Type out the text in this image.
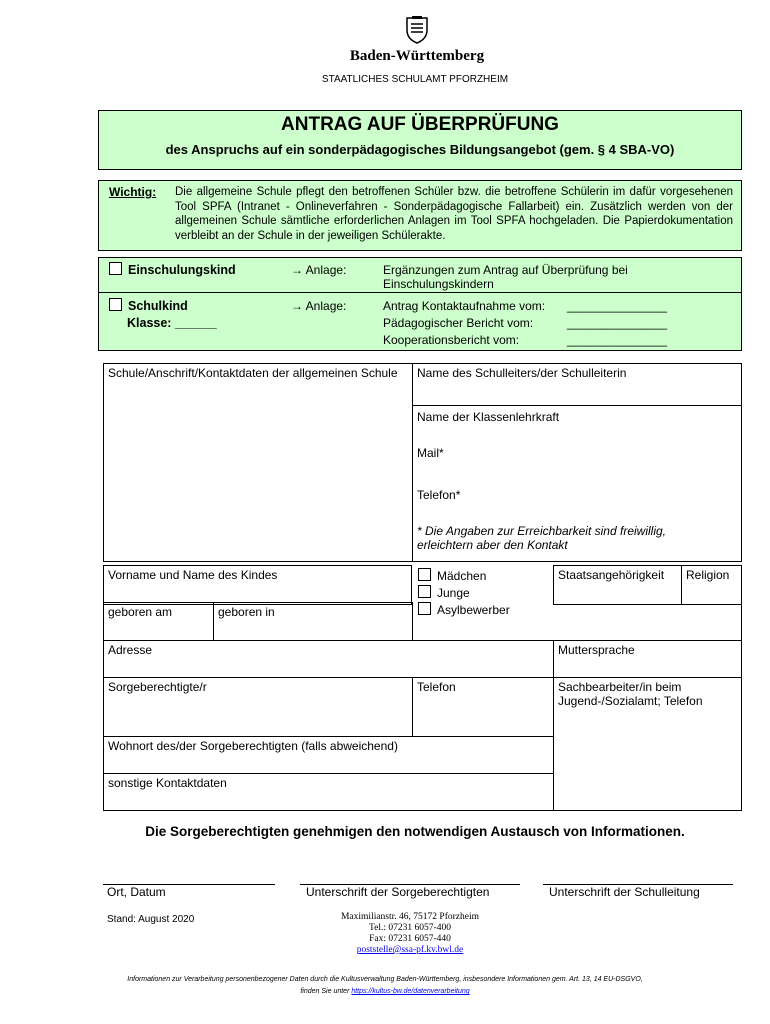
Baden-Württemberg
STAATLICHES SCHULAMT PFORZHEIM
ANTRAG AUF ÜBERPRÜFUNG
des Anspruchs auf ein sonderpädagogisches Bildungsangebot (gem. § 4 SBA-VO)
Wichtig: Die allgemeine Schule pflegt den betroffenen Schüler bzw. die betroffene Schülerin im dafür vorgesehenen Tool SPFA (Intranet - Onlineverfahren - Sonderpädagogische Fallarbeit) ein. Zusätzlich werden von der allgemeinen Schule sämtliche erforderlichen Anlagen im Tool SPFA hochgeladen. Die Papierdokumentation verbleibt an der Schule in der jeweiligen Schülerakte.
Einschulungskind	→ Anlage:	Ergänzungen zum Antrag auf Überprüfung bei Einschulungskindern
Schulkind
Klasse: ______
→ Anlage:	Antrag Kontaktaufnahme vom: _______________
Pädagogischer Bericht vom:	_______________
Kooperationsbericht vom:	_______________
Schule/Anschrift/Kontaktdaten der allgemeinen Schule	Name des Schulleiters/der Schulleiterin
Name der Klassenlehrkraft
Mail*
Telefon*
* Die Angaben zur Erreichbarkeit sind freiwillig, erleichtern aber den Kontakt
Vorname und Name des Kindes	Mädchen
Junge
Asylbewerber
Staatsangehörigkeit	Religion
geboren am	geboren in
Adresse	Muttersprache
Sorgeberechtigte/r	Telefon	Sachbearbeiter/in beim Jugend-/Sozialamt; Telefon
Wohnort des/der Sorgeberechtigten (falls abweichend)
sonstige Kontaktdaten
Die Sorgeberechtigten genehmigen den notwendigen Austausch von Informationen.
Ort, Datum	Unterschrift der Sorgeberechtigten	Unterschrift der Schulleitung
Stand: August 2020	Maximilianstr. 46, 75172 Pforzheim
Tel.: 07231 6057-400
Fax: 07231 6057-440
poststelle@ssa-pf.kv.bwl.de
Informationen zur Verarbeitung personenbezogener Daten durch die Kultusverwaltung Baden-Württemberg, insbesondere Informationen gem. Art. 13, 14 EU-DSGVO,
finden Sie unter https://kultus-bw.de/datenverarbeitung
